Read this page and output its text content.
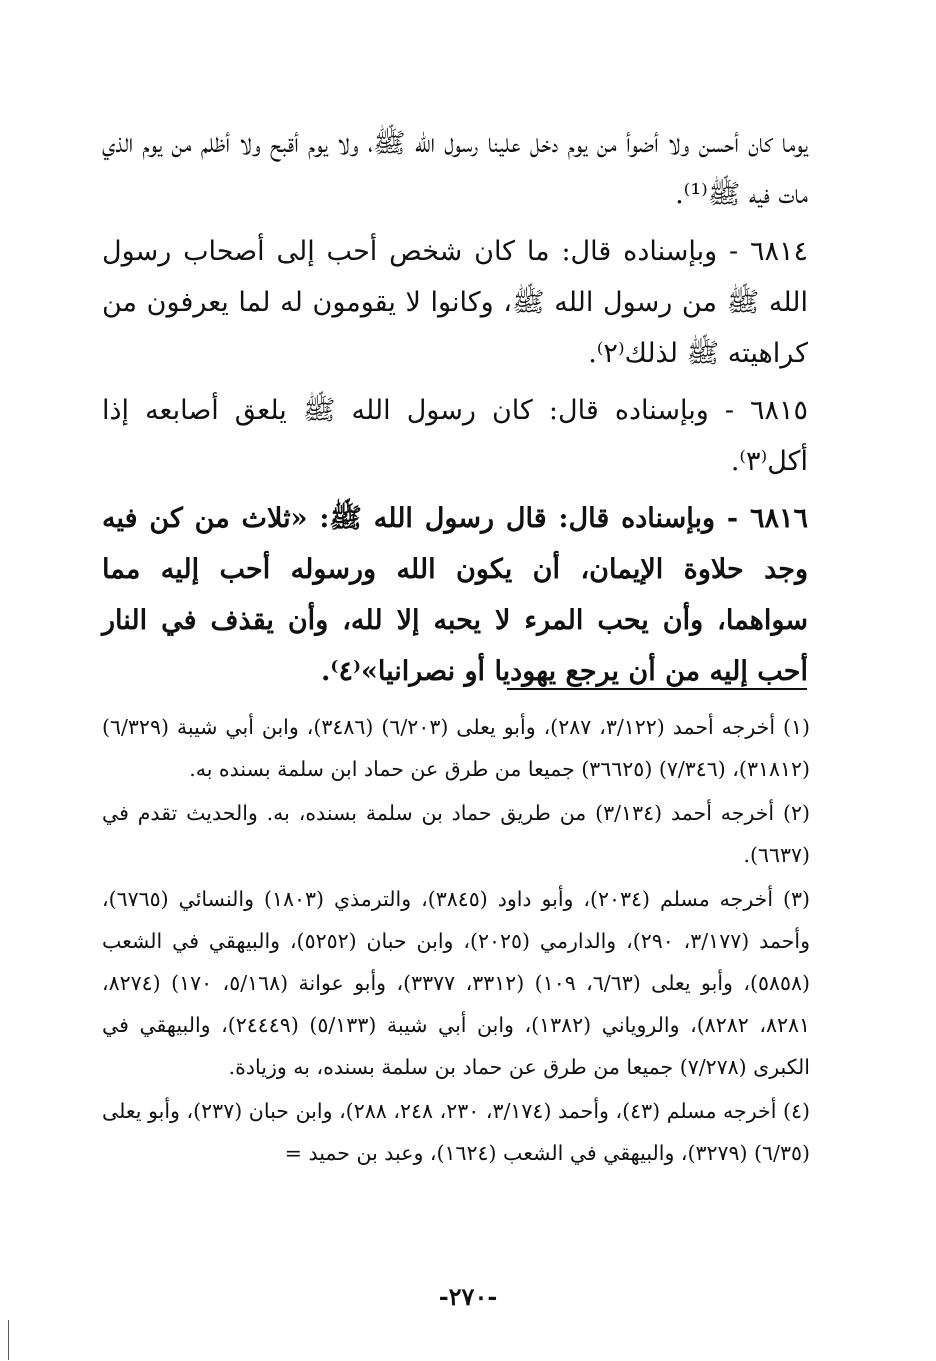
يوما كان أحسن ولا أضوأ من يوم دخل علينا رسول الله ﷺ، ولا يوم أقبح ولا أظلم من يوم الذي مات فيه ﷺ⁽¹⁾.

٦٨١٤ - وبإسناده قال: ما كان شخص أحب إلى أصحاب رسول الله ﷺ من رسول الله ﷺ، وكانوا لا يقومون له لما يعرفون من كراهيته ﷺ لذلك⁽٢⁾.

٦٨١٥ - وبإسناده قال: كان رسول الله ﷺ يلعق أصابعه إذا أكل⁽٣⁾.

٦٨١٦ - وبإسناده قال: قال رسول الله ﷺ: «ثلاث من كن فيه وجد حلاوة الإيمان، أن يكون الله ورسوله أحب إليه مما سواهما، وأن يحب المرء لا يحبه إلا لله، وأن يقذف في النار أحب إليه من أن يرجع يهوديا أو نصرانيا»⁽٤⁾.

(١) أخرجه أحمد (٣/١٢٢، ٢٨٧)، وأبو يعلى (٦/٢٠٣) (٣٤٨٦)، وابن أبي شيبة (٦/٣٢٩) (٣١٨١٢)، (٧/٣٤٦) (٣٦٦٢٥) جميعا من طرق عن حماد ابن سلمة بسنده به.

(٢) أخرجه أحمد (٣/١٣٤) من طريق حماد بن سلمة بسنده، به. والحديث تقدم في (٦٦٣٧).

(٣) أخرجه مسلم (٢٠٣٤)، وأبو داود (٣٨٤٥)، والترمذي (١٨٠٣) والنسائي (٦٧٦٥)، وأحمد (٣/١٧٧، ٢٩٠)، والدارمي (٢٠٢٥)، وابن حبان (٥٢٥٢)، والبيهقي في الشعب (٥٨٥٨)، وأبو يعلى (٦/٦٣، ١٠٩) (٣٣١٢، ٣٣٧٧)، وأبو عوانة (٥/١٦٨، ١٧٠) (٨٢٧٤، ٨٢٨١، ٨٢٨٢)، والروياني (١٣٨٢)، وابن أبي شيبة (٥/١٣٣) (٢٤٤٤٩)، والبيهقي في الكبرى (٧/٢٧٨) جميعا من طرق عن حماد بن سلمة بسنده، به وزيادة.

(٤) أخرجه مسلم (٤٣)، وأحمد (٣/١٧٤، ٢٣٠، ٢٤٨، ٢٨٨)، وابن حبان (٢٣٧)، وأبو يعلى (٦/٣٥) (٣٢٧٩)، والبيهقي في الشعب (١٦٢٤)، وعبد بن حميد =

-٢٧٠-
